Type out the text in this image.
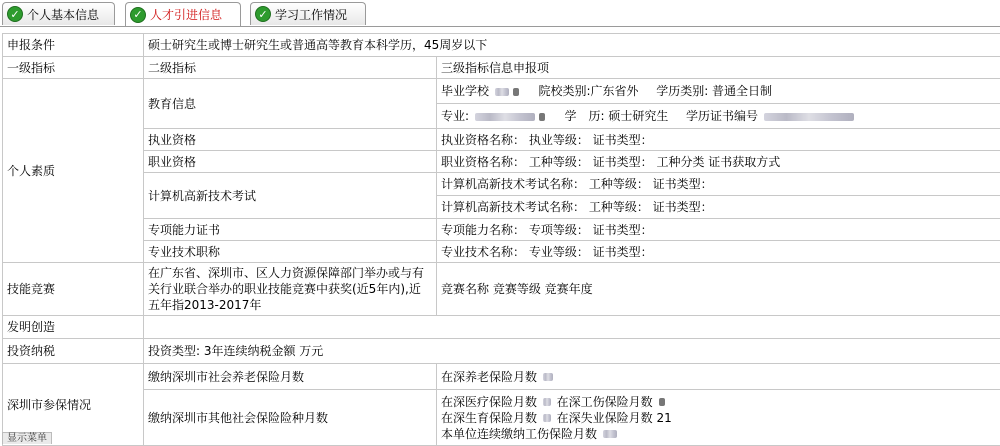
✓ 个人基本信息	✓ 人才引进信息	✓ 学习工作情况
申报条件	硕士研究生或博士研究生或普通高等教育本科学历，45周岁以下	
一级指标	二级指标	三级指标信息申报项
个人素质	教育信息	毕业学校 院校类别:广东省外 学历类别: 普通全日制
		专业: 学　历: 硕士研究生 学历证书编号
	执业资格	执业资格名称： 执业等级： 证书类型：
	职业资格	职业资格名称： 工种等级： 证书类型： 工种分类 证书获取方式
	计算机高新技术考试	计算机高新技术考试名称： 工种等级： 证书类型：
		计算机高新技术考试名称： 工种等级： 证书类型：
	专项能力证书	专项能力名称： 专项等级： 证书类型：
	专业技术职称	专业技术名称： 专业等级： 证书类型：

技能竞赛	在广东省、深圳市、区人力资源保障部门举办或与有关行业联合举办的职业技能竞赛中获奖(近5年内),近五年指2013-2017年	竞赛名称 竞赛等级 竞赛年度
发明创造		
投资纳税	投资类型: 3年连续纳税金额 万元	
深圳市参保情况	缴纳深圳市社会养老保险月数	在深养老保险月数
	缴纳深圳市其他社会保险险种月数	在深医疗保险月数 在深工伤保险月数
在深生育保险月数 在深失业保险月数 21
本单位连续缴纳工伤保险月数
显示菜单
